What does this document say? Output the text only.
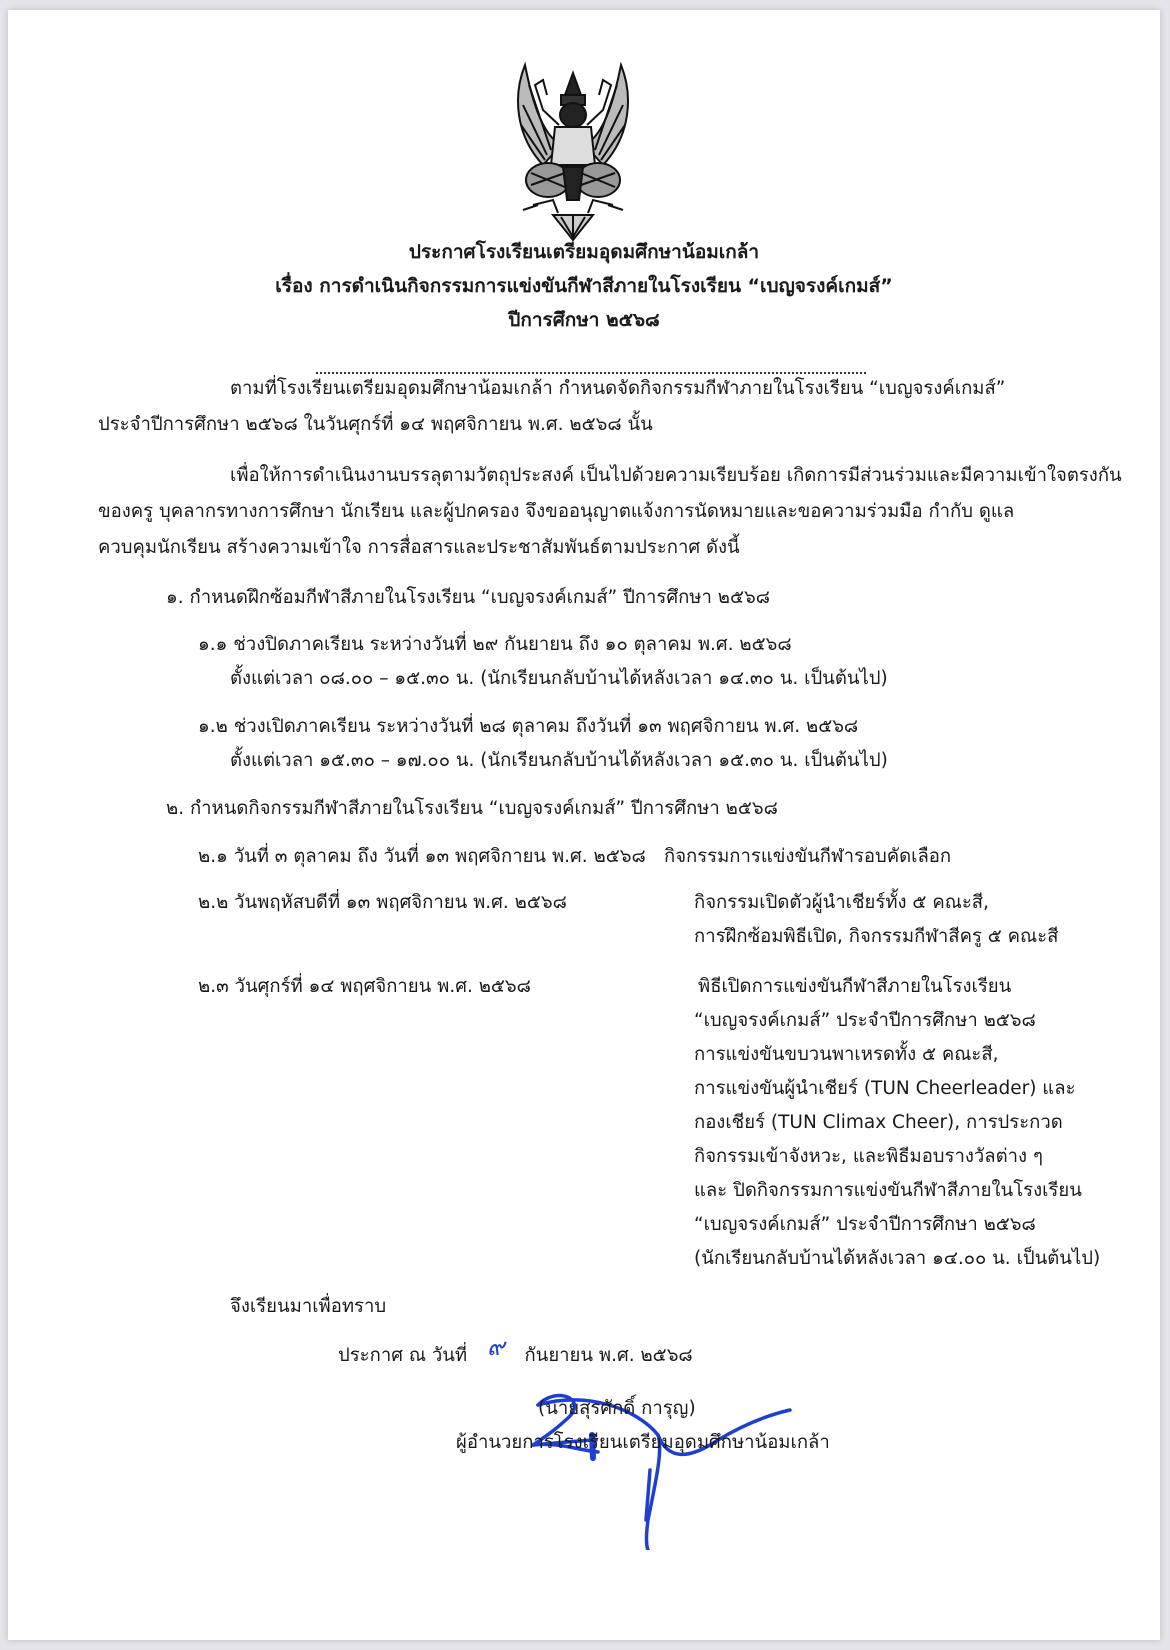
ประกาศโรงเรียนเตรียมอุดมศึกษาน้อมเกล้า
เรื่อง การดำเนินกิจกรรมการแข่งขันกีฬาสีภายในโรงเรียน “เบญจรงค์เกมส์”
ปีการศึกษา ๒๕๖๘
ตามที่โรงเรียนเตรียมอุดมศึกษาน้อมเกล้า กำหนดจัดกิจกรรมกีฬาภายในโรงเรียน “เบญจรงค์เกมส์”
ประจำปีการศึกษา ๒๕๖๘ ในวันศุกร์ที่ ๑๔ พฤศจิกายน พ.ศ. ๒๕๖๘ นั้น
เพื่อให้การดำเนินงานบรรลุตามวัตถุประสงค์ เป็นไปด้วยความเรียบร้อย เกิดการมีส่วนร่วมและมีความเข้าใจตรงกัน
ของครู บุคลากรทางการศึกษา นักเรียน และผู้ปกครอง จึงขออนุญาตแจ้งการนัดหมายและขอความร่วมมือ กำกับ ดูแล
ควบคุมนักเรียน สร้างความเข้าใจ การสื่อสารและประชาสัมพันธ์ตามประกาศ ดังนี้
๑. กำหนดฝึกซ้อมกีฬาสีภายในโรงเรียน “เบญจรงค์เกมส์” ปีการศึกษา ๒๕๖๘
๑.๑ ช่วงปิดภาคเรียน ระหว่างวันที่ ๒๙ กันยายน ถึง ๑๐ ตุลาคม พ.ศ. ๒๕๖๘
ตั้งแต่เวลา ๐๘.๐๐ – ๑๕.๓๐ น. (นักเรียนกลับบ้านได้หลังเวลา ๑๔.๓๐ น. เป็นต้นไป)
๑.๒ ช่วงเปิดภาคเรียน ระหว่างวันที่ ๒๘ ตุลาคม ถึงวันที่ ๑๓ พฤศจิกายน พ.ศ. ๒๕๖๘
ตั้งแต่เวลา ๑๕.๓๐ – ๑๗.๐๐ น. (นักเรียนกลับบ้านได้หลังเวลา ๑๕.๓๐ น. เป็นต้นไป)
๒. กำหนดกิจกรรมกีฬาสีภายในโรงเรียน “เบญจรงค์เกมส์” ปีการศึกษา ๒๕๖๘
๒.๑ วันที่ ๓ ตุลาคม ถึง วันที่ ๑๓ พฤศจิกายน พ.ศ. ๒๕๖๘ กิจกรรมการแข่งขันกีฬารอบคัดเลือก
๒.๒ วันพฤหัสบดีที่ ๑๓ พฤศจิกายน พ.ศ. ๒๕๖๘	กิจกรรมเปิดตัวผู้นำเชียร์ทั้ง ๕ คณะสี,
การฝึกซ้อมพิธีเปิด, กิจกรรมกีฬาสีครู ๕ คณะสี
๒.๓ วันศุกร์ที่ ๑๔ พฤศจิกายน พ.ศ. ๒๕๖๘	พิธีเปิดการแข่งขันกีฬาสีภายในโรงเรียน
“เบญจรงค์เกมส์” ประจำปีการศึกษา ๒๕๖๘
การแข่งขันขบวนพาเหรดทั้ง ๕ คณะสี,
การแข่งขันผู้นำเชียร์ (TUN Cheerleader) และ
กองเชียร์ (TUN Climax Cheer), การประกวด
กิจกรรมเข้าจังหวะ, และพิธีมอบรางวัลต่าง ๆ
และ ปิดกิจกรรมการแข่งขันกีฬาสีภายในโรงเรียน
“เบญจรงค์เกมส์” ประจำปีการศึกษา ๒๕๖๘
(นักเรียนกลับบ้านได้หลังเวลา ๑๔.๐๐ น. เป็นต้นไป)
จึงเรียนมาเพื่อทราบ
ประกาศ ณ วันที่ ๙ กันยายน พ.ศ. ๒๕๖๘
(นายสุรศักดิ์ การุญ)
ผู้อำนวยการโรงเรียนเตรียมอุดมศึกษาน้อมเกล้า
